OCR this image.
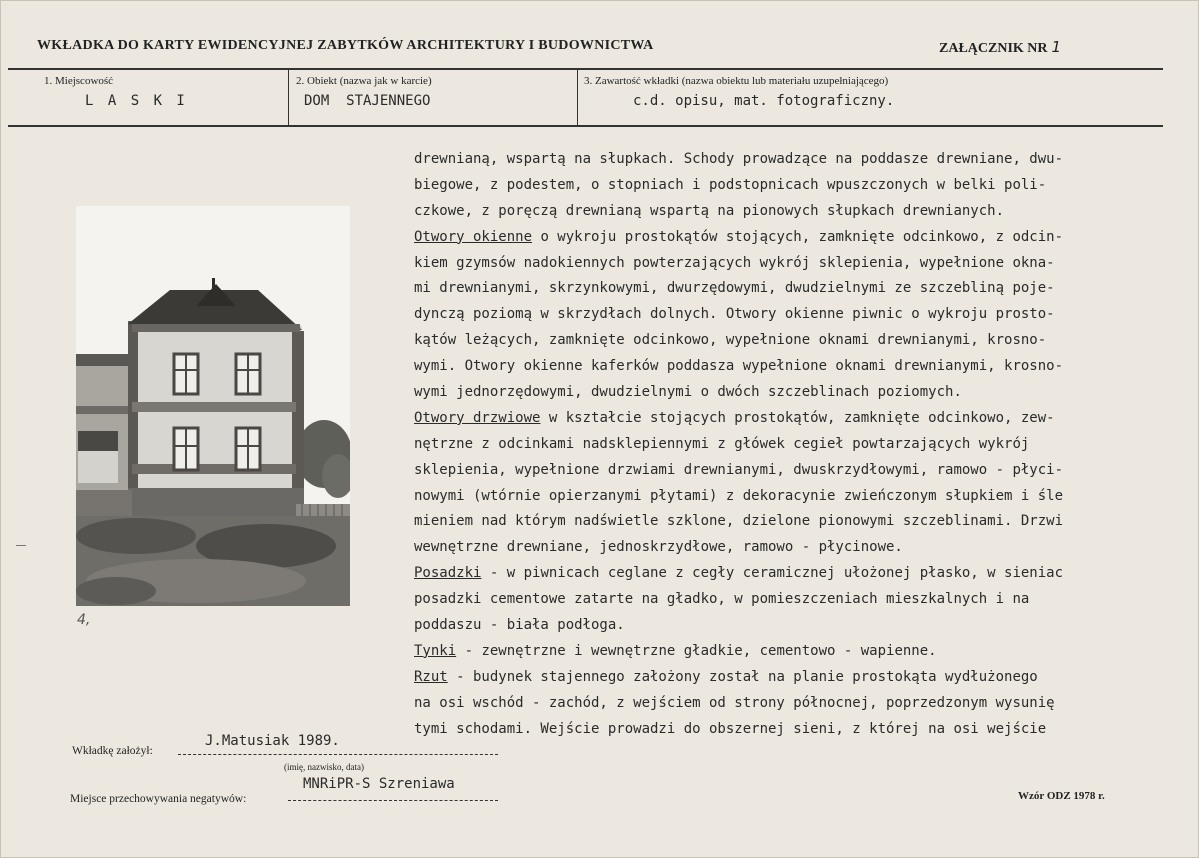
WKŁADKA DO KARTY EWIDENCYJNEJ ZABYTKÓW ARCHITEKTURY I BUDOWNICTWA	ZAŁĄCZNIK NR 1
1. Miejscowość
L A S K I
2. Obiekt (nazwa jak w karcie)
DOM  STAJENNEGO
3. Zawartość wkładki (nazwa obiektu lub materiału uzupełniającego)
c.d. opisu, mat. fotograficzny.
4,
drewnianą, wspartą na słupkach. Schody prowadzące na poddasze drewniane, dwu-
biegowe, z podestem, o stopniach i podstopnicach wpuszczonych w belki poli-
czkowe, z poręczą drewnianą wspartą na pionowych słupkach drewnianych.
Otwory okienne o wykroju prostokątów stojących, zamknięte odcinkowo, z odcin-
kiem gzymsów nadokiennych powterzających wykrój sklepienia, wypełnione okna-
mi drewnianymi, skrzynkowymi, dwurzędowymi, dwudzielnymi ze szczebliną poje-
dynczą poziomą w skrzydłach dolnych. Otwory okienne piwnic o wykroju prosto-
kątów leżących, zamknięte odcinkowo, wypełnione oknami drewnianymi, krosno-
wymi. Otwory okienne kaferków poddasza wypełnione oknami drewnianymi, krosno-
wymi jednorzędowymi, dwudzielnymi o dwóch szczeblinach poziomych.
Otwory drzwiowe w kształcie stojących prostokątów, zamknięte odcinkowo, zew-
nętrzne z odcinkami nadsklepiennymi z główek cegieł powtarzających wykrój
sklepienia, wypełnione drzwiami drewnianymi, dwuskrzydłowymi, ramowo - płyci-
nowymi (wtórnie opierzanymi płytami) z dekoracynie zwieńczonym słupkiem i śle
mieniem nad którym nadświetle szklone, dzielone pionowymi szczeblinami. Drzwi
wewnętrzne drewniane, jednoskrzydłowe, ramowo - płycinowe.
Posadzki - w piwnicach ceglane z cegły ceramicznej ułożonej płasko, w sieniac
posadzki cementowe zatarte na gładko, w pomieszczeniach mieszkalnych i na
poddaszu - biała podłoga.
Tynki - zewnętrzne i wewnętrzne gładkie, cementowo - wapienne.
Rzut - budynek stajennego założony został na planie prostokąta wydłużonego
na osi wschód - zachód, z wejściem od strony północnej, poprzedzonym wysunię
tymi schodami. Wejście prowadzi do obszernej sieni, z której na osi wejście
Wkładkę założył:
J.Matusiak 1989.
(imię, nazwisko, data)
Miejsce przechowywania negatywów:
MNRiPR-S Szreniawa
Wzór ODZ 1978 r.
